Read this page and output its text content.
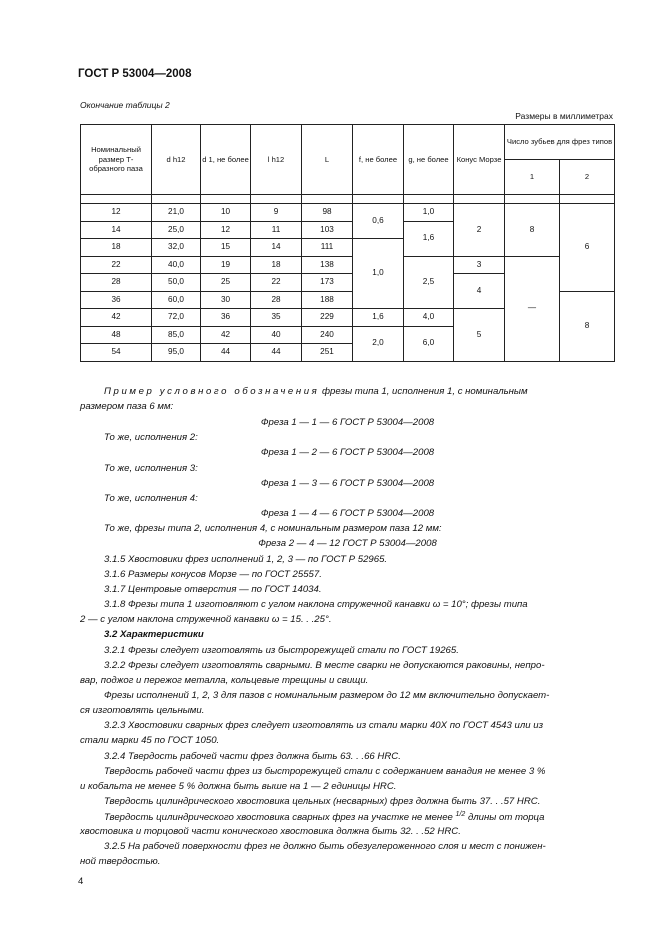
ГОСТ Р 53004—2008
Окончание таблицы 2
Размеры в миллиметрах
Номинальный размер Т-образного паза	d h12	d 1, не более	l h12	L	f, не более	g, не более	Конус Морзе	Число зубьев для фрез типов	
								1	2

12	21,0	10	9	98	0,6	1,0	2	8	6
14	25,0	12	11	103		1,6			
18	32,0	15	14	111	1,0				
22	40,0	19	18	138		2,5	3	—	
28	50,0	25	22	173			4		
36	60,0	30	28	188					8
42	72,0	36	35	229	1,6	4,0	5		
48	85,0	42	40	240	2,0	6,0			
54	95,0	44	44	251					
Пример условного обозначения фрезы типа 1, исполнения 1, с номинальным
размером паза 6 мм:
Фреза 1 — 1 — 6 ГОСТ Р 53004—2008
То же, исполнения 2:
Фреза 1 — 2 — 6 ГОСТ Р 53004—2008
То же, исполнения 3:
Фреза 1 — 3 — 6 ГОСТ Р 53004—2008
То же, исполнения 4:
Фреза 1 — 4 — 6 ГОСТ Р 53004—2008
То же, фрезы типа 2, исполнения 4, с номинальным размером паза 12 мм:
Фреза 2 — 4 — 12 ГОСТ Р 53004—2008
3.1.5 Хвостовики фрез исполнений 1, 2, 3 — по ГОСТ Р 52965.
3.1.6 Размеры конусов Морзе — по ГОСТ 25557.
3.1.7 Центровые отверстия — по ГОСТ 14034.
3.1.8 Фрезы типа 1 изготовляют с углом наклона стружечной канавки ω = 10°; фрезы типа
2 — с углом наклона стружечной канавки ω = 15. . .25°.
3.2 Характеристики
3.2.1 Фрезы следует изготовлять из быстрорежущей стали по ГОСТ 19265.
3.2.2 Фрезы следует изготовлять сварными. В месте сварки не допускаются раковины, непро-
вар, поджог и пережог металла, кольцевые трещины и свищи.
Фрезы исполнений 1, 2, 3 для пазов с номинальным размером до 12 мм включительно допускает-
ся изготовлять цельными.
3.2.3 Хвостовики сварных фрез следует изготовлять из стали марки 40Х по ГОСТ 4543 или из
стали марки 45 по ГОСТ 1050.
3.2.4 Твердость рабочей части фрез должна быть 63. . .66 HRC.
Твердость рабочей части фрез из быстрорежущей стали с содержанием ванадия не менее 3 %
и кобальта не менее 5 % должна быть выше на 1 — 2 единицы HRC.
Твердость цилиндрического хвостовика цельных (несварных) фрез должна быть 37. . .57 HRC.
Твердость цилиндрического хвостовика сварных фрез на участке не менее $^{1/2}$ длины от торца
хвостовика и торцовой части конического хвостовика должна быть 32. . .52 HRC.
3.2.5 На рабочей поверхности фрез не должно быть обезуглероженного слоя и мест с понижен-
ной твердостью.
4
